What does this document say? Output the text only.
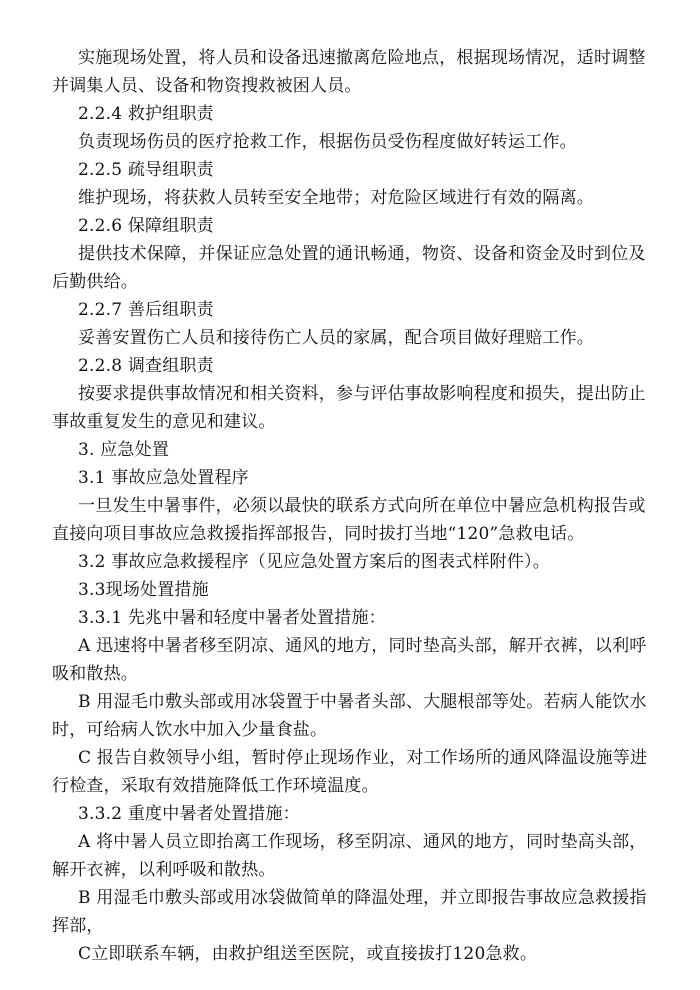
实施现场处置，将人员和设备迅速撤离危险地点，根据现场情况，适时调整
并调集人员、设备和物资搜救被困人员。
2.2.4 救护组职责
负责现场伤员的医疗抢救工作，根据伤员受伤程度做好转运工作。
2.2.5 疏导组职责
维护现场，将获救人员转至安全地带；对危险区域进行有效的隔离。
2.2.6 保障组职责
提供技术保障，并保证应急处置的通讯畅通，物资、设备和资金及时到位及
后勤供给。
2.2.7 善后组职责
妥善安置伤亡人员和接待伤亡人员的家属，配合项目做好理赔工作。
2.2.8 调查组职责
按要求提供事故情况和相关资料，参与评估事故影响程度和损失，提出防止
事故重复发生的意见和建议。
3. 应急处置
3.1 事故应急处置程序
一旦发生中暑事件，必须以最快的联系方式向所在单位中暑应急机构报告或
直接向项目事故应急救援指挥部报告，同时拔打当地“120”急救电话。
3.2 事故应急救援程序（见应急处置方案后的图表式样附件）。
3.3现场处置措施
3.3.1 先兆中暑和轻度中暑者处置措施：
A 迅速将中暑者移至阴凉、通风的地方，同时垫高头部，解开衣裤，以利呼
吸和散热。
B 用湿毛巾敷头部或用冰袋置于中暑者头部、大腿根部等处。若病人能饮水
时，可给病人饮水中加入少量食盐。
C 报告自救领导小组，暂时停止现场作业，对工作场所的通风降温设施等进
行检查，采取有效措施降低工作环境温度。
3.3.2 重度中暑者处置措施：
A 将中暑人员立即抬离工作现场，移至阴凉、通风的地方，同时垫高头部，
解开衣裤，以利呼吸和散热。
B 用湿毛巾敷头部或用冰袋做简单的降温处理，并立即报告事故应急救援指
挥部，
C立即联系车辆，由救护组送至医院，或直接拔打120急救。
